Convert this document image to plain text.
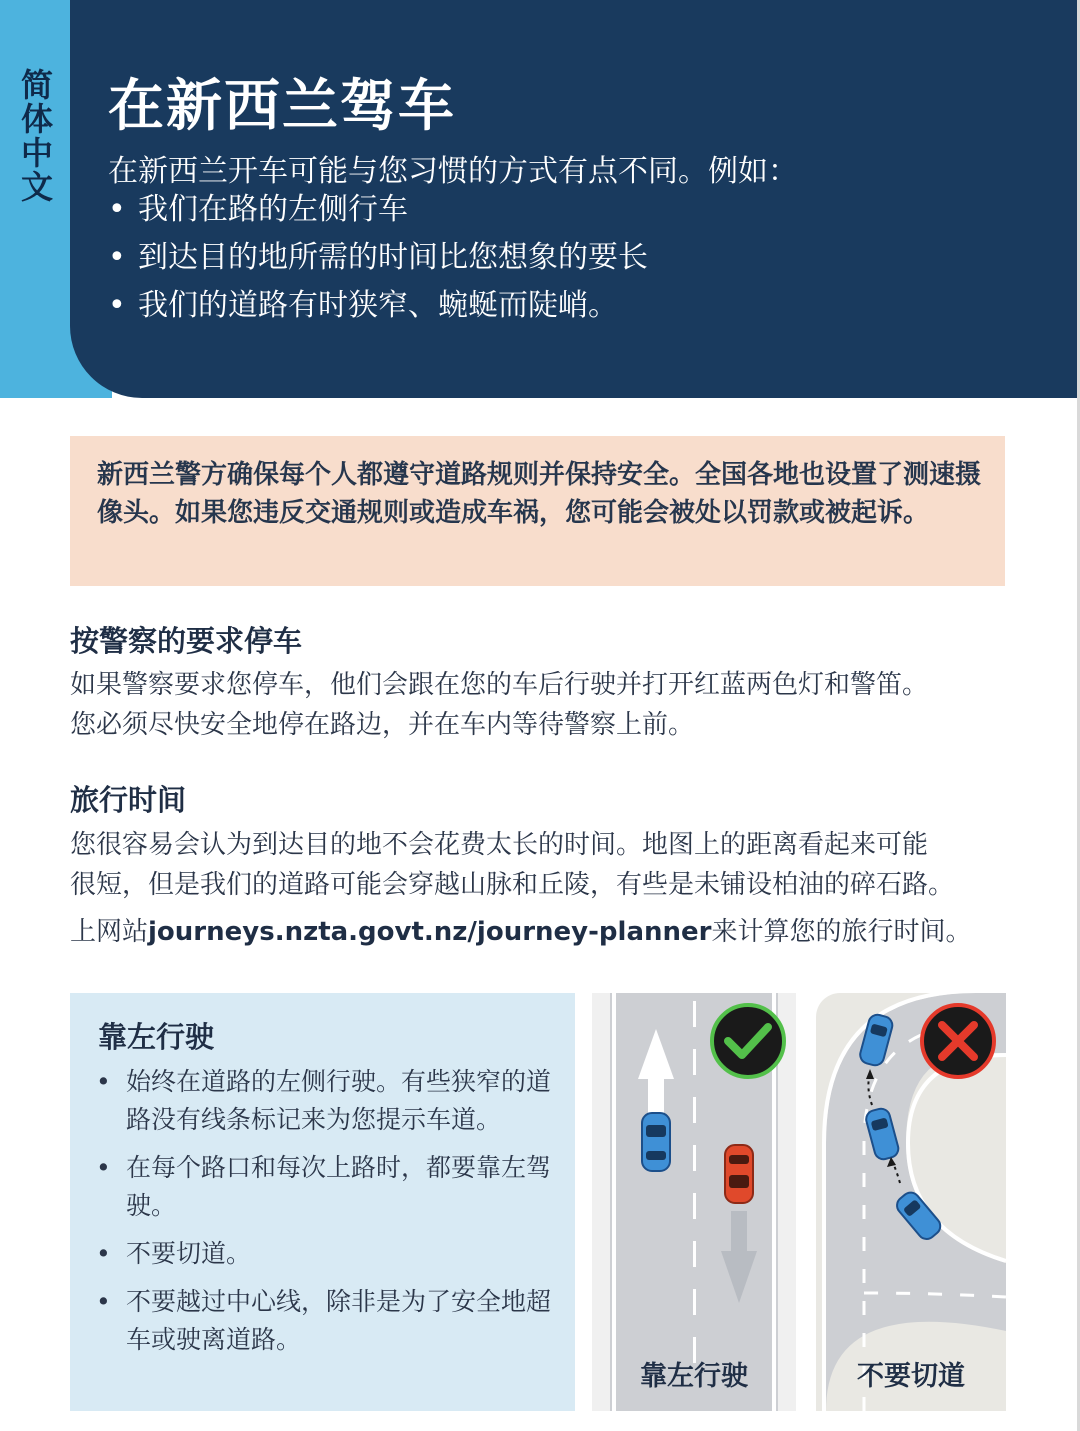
简体中文 在新西兰驾车
在新西兰开车可能与您习惯的方式有点不同。例如：
• 我们在路的左侧行车
• 到达目的地所需的时间比您想象的要长
• 我们的道路有时狭窄、蜿蜒而陡峭。

新西兰警方确保每个人都遵守道路规则并保持安全。全国各地也设置了测速摄像头。如果您违反交通规则或造成车祸，您可能会被处以罚款或被起诉。

按警察的要求停车

如果警察要求您停车，他们会跟在您的车后行驶并打开红蓝两色灯和警笛。
您必须尽快安全地停在路边，并在车内等待警察上前。

旅行时间

您很容易会认为到达目的地不会花费太长的时间。地图上的距离看起来可能
很短，但是我们的道路可能会穿越山脉和丘陵，有些是未铺设柏油的碎石路。

上网站journeys.nzta.govt.nz/journey-planner来计算您的旅行时间。

靠左行驶
• 始终在道路的左侧行驶。有些狭窄的道路没有线条标记来为您提示车道。
• 在每个路口和每次上路时，都要靠左驾驶。
• 不要切道。
• 不要越过中心线，除非是为了安全地超车或驶离道路。
靠左行驶	不要切道
